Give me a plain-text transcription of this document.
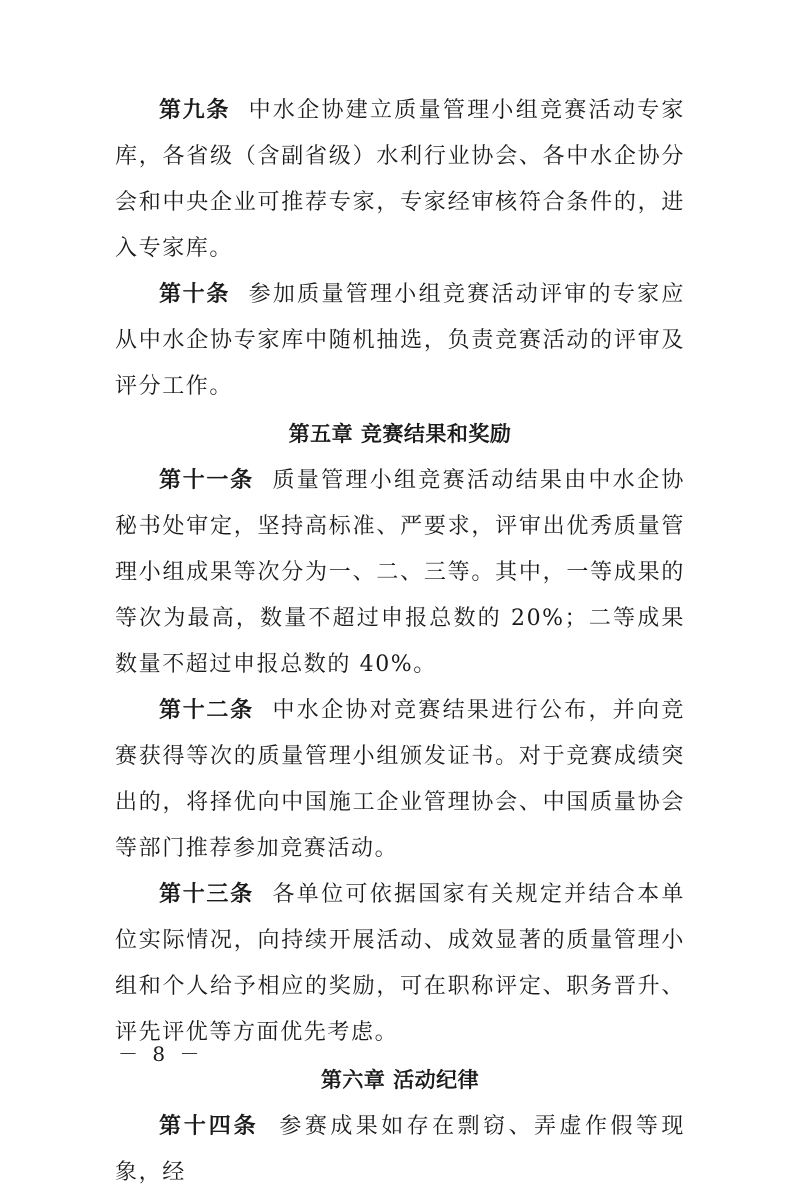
第九条 中水企协建立质量管理小组竞赛活动专家库，各省级（含副省级）水利行业协会、各中水企协分会和中央企业可推荐专家，专家经审核符合条件的，进入专家库。

第十条 参加质量管理小组竞赛活动评审的专家应从中水企协专家库中随机抽选，负责竞赛活动的评审及评分工作。

第五章 竞赛结果和奖励

第十一条 质量管理小组竞赛活动结果由中水企协秘书处审定，坚持高标准、严要求，评审出优秀质量管理小组成果等次分为一、二、三等。其中，一等成果的等次为最高，数量不超过申报总数的 20%；二等成果数量不超过申报总数的 40%。

第十二条 中水企协对竞赛结果进行公布，并向竞赛获得等次的质量管理小组颁发证书。对于竞赛成绩突出的，将择优向中国施工企业管理协会、中国质量协会等部门推荐参加竞赛活动。

第十三条 各单位可依据国家有关规定并结合本单位实际情况，向持续开展活动、成效显著的质量管理小组和个人给予相应的奖励，可在职称评定、职务晋升、评先评优等方面优先考虑。

第六章 活动纪律

第十四条 参赛成果如存在剽窃、弄虚作假等现象，经

－ 8 －
